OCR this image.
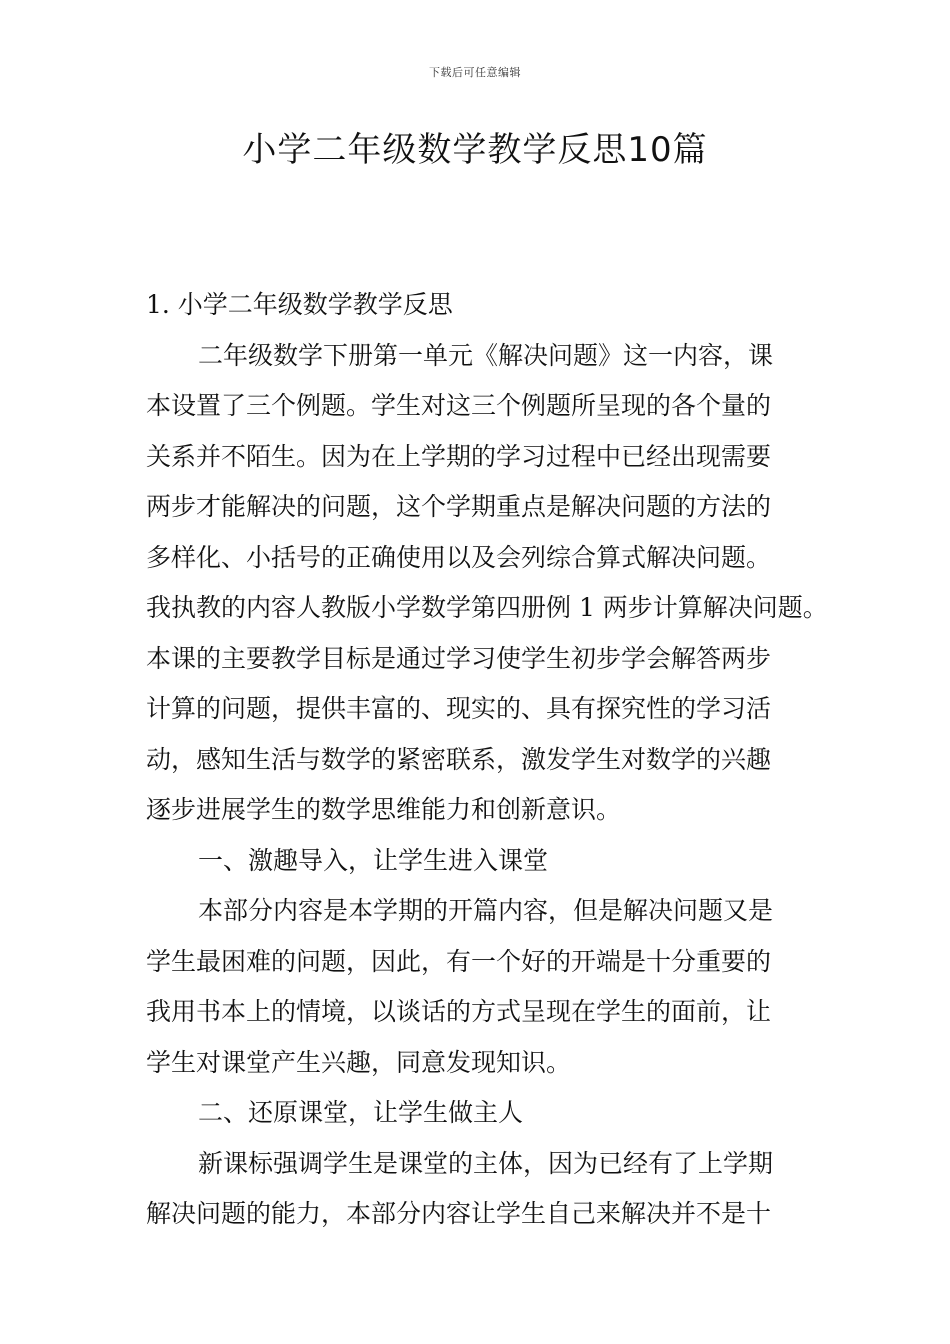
下载后可任意编辑
小学二年级数学教学反思10篇
1. 小学二年级数学教学反思
二年级数学下册第一单元《解决问题》这一内容，课
本设置了三个例题。学生对这三个例题所呈现的各个量的
关系并不陌生。因为在上学期的学习过程中已经出现需要
两步才能解决的问题，这个学期重点是解决问题的方法的
多样化、小括号的正确使用以及会列综合算式解决问题。
我执教的内容人教版小学数学第四册例 1 两步计算解决问题。
本课的主要教学目标是通过学习使学生初步学会解答两步
计算的问题，提供丰富的、现实的、具有探究性的学习活
动，感知生活与数学的紧密联系，激发学生对数学的兴趣
逐步进展学生的数学思维能力和创新意识。
一、激趣导入，让学生进入课堂
本部分内容是本学期的开篇内容，但是解决问题又是
学生最困难的问题，因此，有一个好的开端是十分重要的
我用书本上的情境，以谈话的方式呈现在学生的面前，让
学生对课堂产生兴趣，同意发现知识。
二、还原课堂，让学生做主人
新课标强调学生是课堂的主体，因为已经有了上学期
解决问题的能力，本部分内容让学生自己来解决并不是十
